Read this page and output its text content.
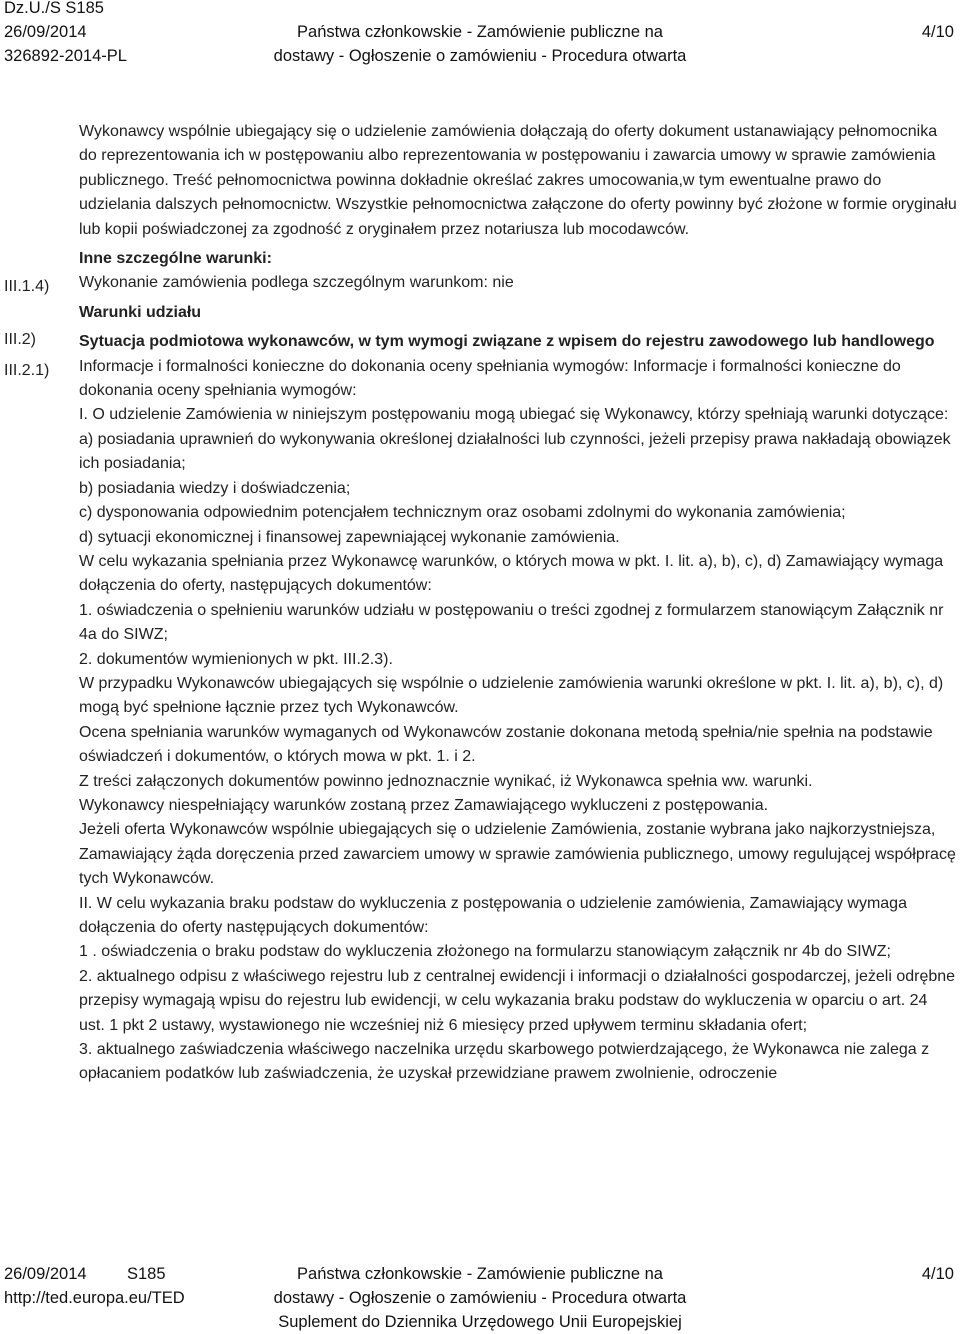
Dz.U./S S185
26/09/2014
326892-2014-PL
Państwa członkowskie - Zamówienie publiczne na
dostawy - Ogłoszenie o zamówieniu - Procedura otwarta
4/10
III.1.4)
III.2)
III.2.1)

Wykonawcy wspólnie ubiegający się o udzielenie zamówienia dołączają do oferty dokument ustanawiający pełnomocnika do reprezentowania ich w postępowaniu albo reprezentowania w postępowaniu i zawarcia umowy w sprawie zamówienia publicznego. Treść pełnomocnictwa powinna dokładnie określać zakres umocowania,w tym ewentualne prawo do udzielania dalszych pełnomocnictw. Wszystkie pełnomocnictwa załączone do oferty powinny być złożone w formie oryginału lub kopii poświadczonej za zgodność z oryginałem przez notariusza lub mocodawców.

Inne szczególne warunki:

Wykonanie zamówienia podlega szczególnym warunkom: nie

Warunki udziału

Sytuacja podmiotowa wykonawców, w tym wymogi związane z wpisem do rejestru zawodowego lub handlowego

Informacje i formalności konieczne do dokonania oceny spełniania wymogów: Informacje i formalności konieczne do dokonania oceny spełniania wymogów:

I. O udzielenie Zamówienia w niniejszym postępowaniu mogą ubiegać się Wykonawcy, którzy spełniają warunki dotyczące:

a) posiadania uprawnień do wykonywania określonej działalności lub czynności, jeżeli przepisy prawa nakładają obowiązek ich posiadania;

b) posiadania wiedzy i doświadczenia;

c) dysponowania odpowiednim potencjałem technicznym oraz osobami zdolnymi do wykonania zamówienia;

d) sytuacji ekonomicznej i finansowej zapewniającej wykonanie zamówienia.

W celu wykazania spełniania przez Wykonawcę warunków, o których mowa w pkt. I. lit. a), b), c), d) Zamawiający wymaga dołączenia do oferty, następujących dokumentów:

1. oświadczenia o spełnieniu warunków udziału w postępowaniu o treści zgodnej z formularzem stanowiącym Załącznik nr 4a do SIWZ;

2. dokumentów wymienionych w pkt. III.2.3).

W przypadku Wykonawców ubiegających się wspólnie o udzielenie zamówienia warunki określone w pkt. I. lit. a), b), c), d) mogą być spełnione łącznie przez tych Wykonawców.

Ocena spełniania warunków wymaganych od Wykonawców zostanie dokonana metodą spełnia/nie spełnia na podstawie oświadczeń i dokumentów, o których mowa w pkt. 1. i 2.

Z treści załączonych dokumentów powinno jednoznacznie wynikać, iż Wykonawca spełnia ww. warunki.

Wykonawcy niespełniający warunków zostaną przez Zamawiającego wykluczeni z postępowania.

Jeżeli oferta Wykonawców wspólnie ubiegających się o udzielenie Zamówienia, zostanie wybrana jako najkorzystniejsza, Zamawiający żąda doręczenia przed zawarciem umowy w sprawie zamówienia publicznego, umowy regulującej współpracę tych Wykonawców.

II. W celu wykazania braku podstaw do wykluczenia z postępowania o udzielenie zamówienia, Zamawiający wymaga dołączenia do oferty następujących dokumentów:

1 . oświadczenia o braku podstaw do wykluczenia złożonego na formularzu stanowiącym załącznik nr 4b do SIWZ;

2. aktualnego odpisu z właściwego rejestru lub z centralnej ewidencji i informacji o działalności gospodarczej, jeżeli odrębne przepisy wymagają wpisu do rejestru lub ewidencji, w celu wykazania braku podstaw do wykluczenia w oparciu o art. 24 ust. 1 pkt 2 ustawy, wystawionego nie wcześniej niż 6 miesięcy przed upływem terminu składania ofert;

3. aktualnego zaświadczenia właściwego naczelnika urzędu skarbowego potwierdzającego, że Wykonawca nie zalega z opłacaniem podatków lub zaświadczenia, że uzyskał przewidziane prawem zwolnienie, odroczenie

26/09/2014 S185
http://ted.europa.eu/TED
Państwa członkowskie - Zamówienie publiczne na
dostawy - Ogłoszenie o zamówieniu - Procedura otwarta
Suplement do Dziennika Urzędowego Unii Europejskiej
4/10
